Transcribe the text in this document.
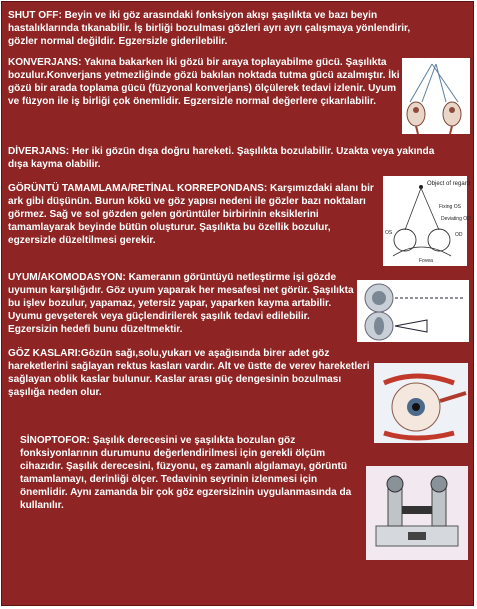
SHUT OFF: Beyin ve iki göz arasındaki fonksiyon akışı şaşılıkta ve bazı beyin hastalıklarında tıkanabilir. İş birliği bozulması gözleri ayrı ayrı çalışmaya yönlendirir, gözler normal değildir. Egzersizle giderilebilir.

KONVERJANS: Yakına bakarken iki gözü bir araya toplayabilme gücü. Şaşılıkta bozulur.Konverjans yetmezliğinde gözü bakılan noktada tutma gücü azalmıştır. İki gözü bir arada toplama gücü (füzyonal konverjans) ölçülerek tedavi izlenir. Uyum ve füzyon ile iş birliği çok önemlidir. Egzersizle normal değerlere çıkarılabilir.

DİVERJANS: Her iki gözün dışa doğru hareketi. Şaşılıkta bozulabilir. Uzakta veya yakında dışa kayma olabilir.

GÖRÜNTÜ TAMAMLAMA/RETİNAL KORREPONDANS: Karşımızdaki alanı bir ark gibi düşünün. Burun kökü ve göz yapısı nedeni ile gözler bazı noktaları görmez. Sağ ve sol gözden gelen görüntüler birbirinin eksiklerini tamamlayarak beyinde bütün oluşturur. Şaşılıkta bu özellik bozulur, egzersizle düzeltilmesi gerekir.

Object of regard
Fixing OS
Deviating OD
OS	OD
Fovea

UYUM/AKOMODASYON: Kameranın görüntüyü netleştirme işi gözde uyumun karşılığıdır. Göz uyum yaparak her mesafesi net görür. Şaşılıkta bu işlev bozulur, yapamaz, yetersiz yapar, yaparken kayma artabilir. Uyumu gevşeterek veya güçlendirilerek şaşılık tedavi edilebilir. Egzersizin hedefi bunu düzeltmektir.

GÖZ KASLARI:Gözün sağı,solu,yukarı ve aşağısında birer adet göz hareketlerini sağlayan rektus kasları vardır. Alt ve üstte de verev hareketleri sağlayan oblik kaslar bulunur. Kaslar arası güç dengesinin bozulması şaşılığa neden olur.

SİNOPTOFOR: Şaşılık derecesini ve şaşılıkta bozulan göz fonksiyonlarının durumunu değerlendirilmesi için gerekli ölçüm cihazıdır. Şaşılık derecesini, füzyonu, eş zamanlı algılamayı, görüntü tamamlamayı, derinliği ölçer. Tedavinin seyrinin izlenmesi için önemlidir. Aynı zamanda bir çok göz egzersizinin uygulanmasında da kullanılır.
